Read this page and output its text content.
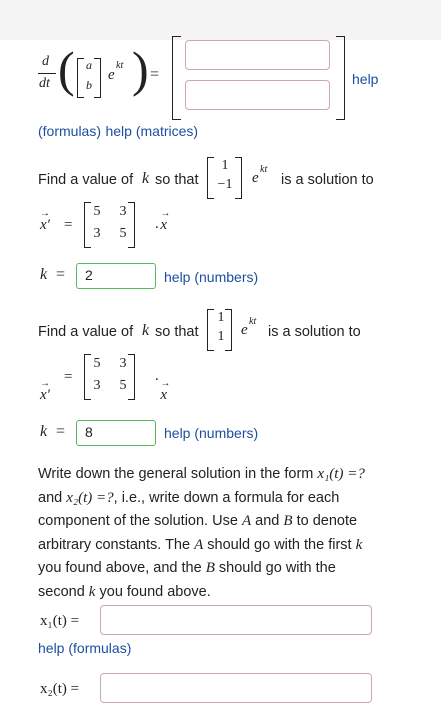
d
dt ( a
b
e
kt ) =	help
(formulas) help (matrices)
Find a value of k so that
1
−1 e
kt
is a solution to
→ x′ =
5 3
3 5
→ x
.
k =	2	help (numbers)
Find a value of k so that
1
1 e
kt
is a solution to
→ x′
=
5 3
3 5
→ x
.
k =	8	help (numbers)
Write down the general solution in the form x₁(t) =?
and x₂(t) =?, i.e., write down a formula for each
component of the solution. Use A and B to denote
arbitrary constants. The A should go with the first k
you found above, and the B should go with the
second k you found above.
x₁(t) =
help (formulas)
x₂(t) =
